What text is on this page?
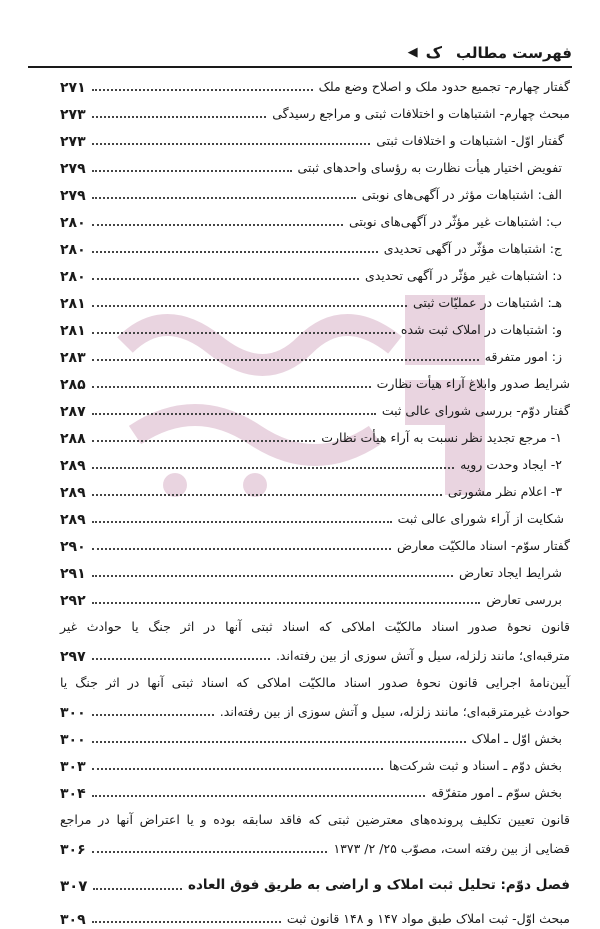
فهرست مطالب
ک
◀
گفتار چهارم- تجمیع حدود ملک و اصلاح وضع ملک
۲۷۱
مبحث چهارم- اشتباهات و اختلافات ثبتی و مراجع رسیدگی
۲۷۳
گفتار اوّل- اشتباهات و اختلافات ثبتی
۲۷۳
تفویض اختیار هیأت نظارت به رؤسای واحدهای ثبتی
۲۷۹
الف: اشتباهات مؤثر در آگهی‌های نوبتی
۲۷۹
ب: اشتباهات غیر مؤثّر در آگهی‌های نوبتی
۲۸۰
ج: اشتباهات مؤثّر در آگهی تحدیدی
۲۸۰
د: اشتباهات غیر مؤثّر در آگهی تحدیدی
۲۸۰
هـ: اشتباهات در عملیّات ثبتی
۲۸۱
و: اشتباهات در املاک ثبت شده
۲۸۱
ز: امور متفرقه
۲۸۳
شرایط صدور وابلاغ آراء هیأت نظارت
۲۸۵
گفتار دوّم- بررسی شورای عالی ثبت
۲۸۷
۱- مرجع تجدید نظر نسبت به آراء هیأت نظارت
۲۸۸
۲- ایجاد وحدت رویه
۲۸۹
۳- اعلام نظر مشورتی
۲۸۹
شکایت از آراء شورای عالی ثبت
۲۸۹
گفتار سوّم- اسناد مالکیّت معارض
۲۹۰
شرایط ایجاد تعارض
۲۹۱
بررسی تعارض
۲۹۲
قانون نحوۀ صدور اسناد مالکیّت املاکی که اسناد ثبتی آنها در اثر جنگ یا حوادث غیر
مترقبه‌ای؛ مانند زلزله، سیل و آتش سوزی از بین رفته‌اند.
۲۹۷
آیین‌نامۀ اجرایی قانون نحوۀ صدور اسناد مالکیّت املاکی که اسناد ثبتی آنها در اثر جنگ یا
حوادث غیرمترقبه‌ای؛ مانند زلزله، سیل و آتش سوزی از بین رفته‌اند.
۳۰۰
بخش اوّل ـ املاک
۳۰۰
بخش دوّم ـ اسناد و ثبت شرکت‌ها
۳۰۳
بخش سوّم ـ امور متفرّقه
۳۰۴
قانون تعیین تکلیف پرونده‌های معترضین ثبتی که فاقد سابقه بوده و یا اعتراض آنها در مراجع
قضایی از بین رفته است، مصوّب ۲۵/ ۲/ ۱۳۷۳
۳۰۶
فصل دوّم: تحلیل ثبت املاک و اراضی به طریق فوق العاده
۳۰۷
مبحث اوّل- ثبت املاک طبق مواد ۱۴۷ و ۱۴۸ قانون ثبت
۳۰۹
